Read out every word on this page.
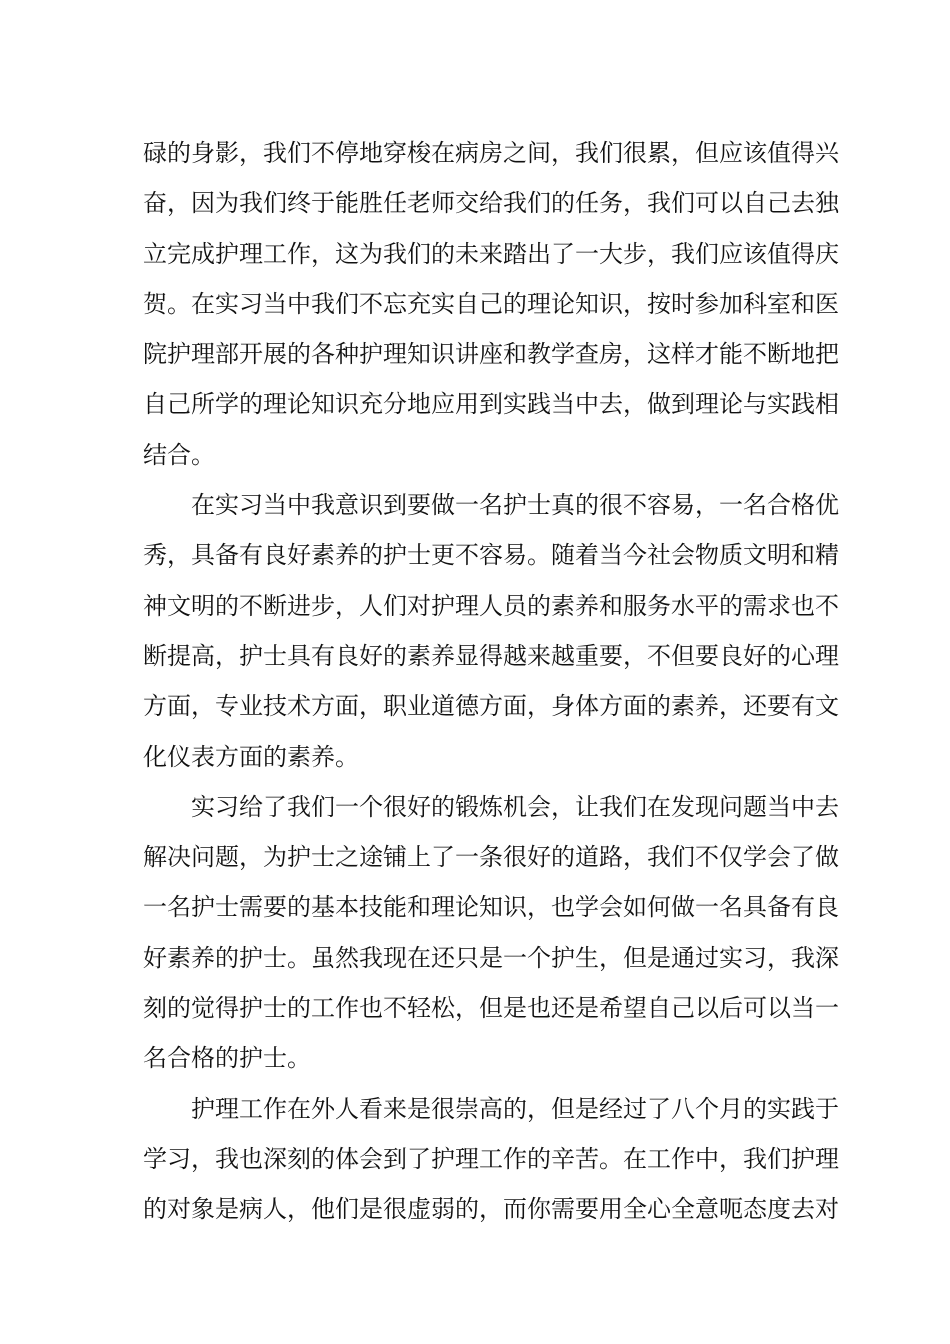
碌的身影，我们不停地穿梭在病房之间，我们很累，但应该值得兴
奋，因为我们终于能胜任老师交给我们的任务，我们可以自己去独
立完成护理工作，这为我们的未来踏出了一大步，我们应该值得庆
贺。在实习当中我们不忘充实自己的理论知识，按时参加科室和医
院护理部开展的各种护理知识讲座和教学查房，这样才能不断地把
自己所学的理论知识充分地应用到实践当中去，做到理论与实践相
结合。

　　在实习当中我意识到要做一名护士真的很不容易，一名合格优
秀，具备有良好素养的护士更不容易。随着当今社会物质文明和精
神文明的不断进步，人们对护理人员的素养和服务水平的需求也不
断提高，护士具有良好的素养显得越来越重要，不但要良好的心理
方面，专业技术方面，职业道德方面，身体方面的素养，还要有文
化仪表方面的素养。

　　实习给了我们一个很好的锻炼机会，让我们在发现问题当中去
解决问题，为护士之途铺上了一条很好的道路，我们不仅学会了做
一名护士需要的基本技能和理论知识，也学会如何做一名具备有良
好素养的护士。虽然我现在还只是一个护生，但是通过实习，我深
刻的觉得护士的工作也不轻松，但是也还是希望自己以后可以当一
名合格的护士。

　　护理工作在外人看来是很崇高的，但是经过了八个月的实践于
学习，我也深刻的体会到了护理工作的辛苦。在工作中，我们护理
的对象是病人，他们是很虚弱的，而你需要用全心全意呃态度去对
